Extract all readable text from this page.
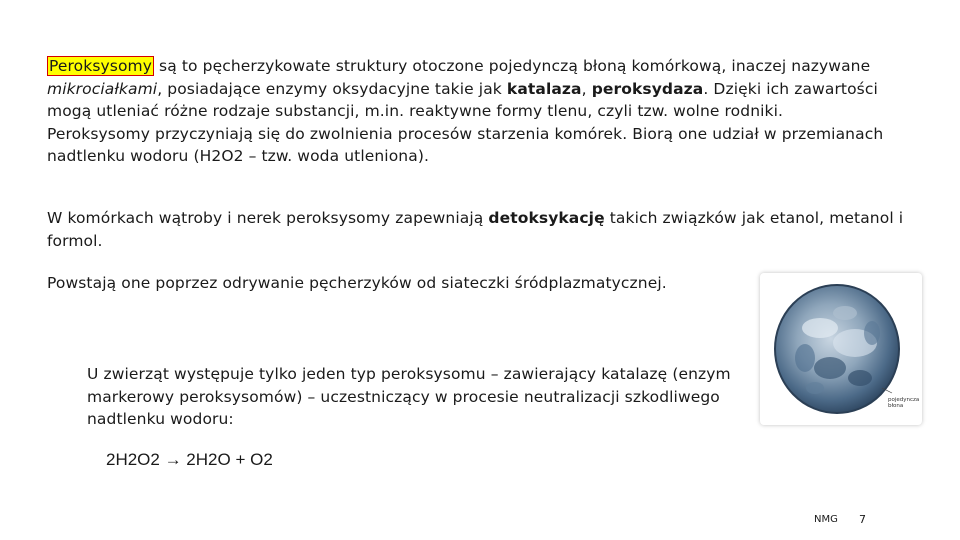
Peroksysomy są to pęcherzykowate struktury otoczone pojedynczą błoną komórkową, inaczej nazywane mikrociałkami, posiadające enzymy oksydacyjne takie jak katalaza, peroksydaza. Dzięki ich zawartości mogą utleniać różne rodzaje substancji, m.in. reaktywne formy tlenu, czyli tzw. wolne rodniki.
Peroksysomy przyczyniają się do zwolnienia procesów starzenia komórek. Biorą one udział w przemianach nadtlenku wodoru (H2O2 – tzw. woda utleniona).
W komórkach wątroby i nerek peroksysomy zapewniają detoksykację takich związków jak etanol, metanol i formol.
Powstają one poprzez odrywanie pęcherzyków od siateczki śródplazmatycznej.
U zwierząt występuje tylko jeden typ peroksysomu – zawierający katalazę (enzym markerowy peroksysomów) – uczestniczący w procesie neutralizacji szkodliwego nadtlenku wodoru:
2H2O2 → 2H2O + O2
pojedyncza
błona
NMG 7
